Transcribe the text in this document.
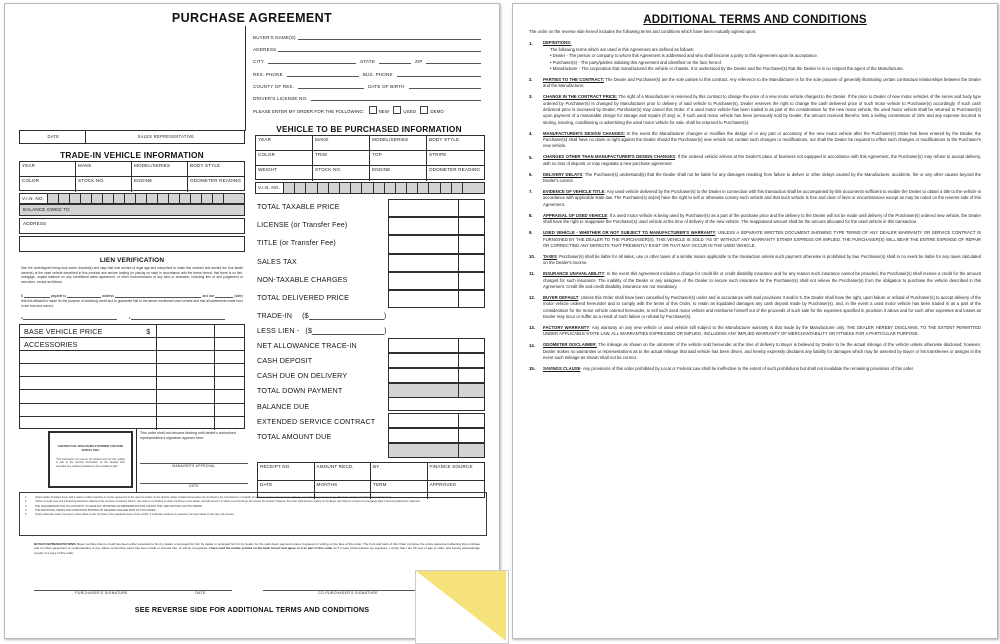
PURCHASE AGREEMENT
BUYER'S NAME(S)
ADDRESS
CITY	STATE	ZIP
RES. PHONE	BUS. PHONE
COUNTY OF RES.	DATE OF BIRTH
DRIVER'S LICENSE NO.
PLEASE ENTER MY ORDER FOR THE FOLLOWING:	NEW	USED	DEMO
VEHICLE TO BE PURCHASED INFORMATION
YEAR	MAKE	MODEL/SERIES	BODY STYLE
COLOR	TRIM	TOP	STRIPE
WEIGHT	STOCK NO.	ENGINE	ODOMETER READING
V.I.N. NO.
TOTAL TAXABLE PRICE
LICENSE (or Transfer Fee)
TITLE (or Transfer Fee)
SALES TAX
NON-TAXABLE CHARGES
TOTAL DELIVERED PRICE
TRADE-IN ($	)
LESS LIEN - ($	)
NET ALLOWANCE TRACE-IN
CASH DEPOSIT
CASH DUE ON DELIVERY
TOTAL DOWN PAYMENT
BALANCE DUE
EXTENDED SERVICE CONTRACT
TOTAL AMOUNT DUE
RECEIPT NO.	AMOUNT RECD.	BY	FINANCE SOURCE
DATE	MONTHS	TERM	APPROVED
DATE	SALES REPRESENTATIVE
TRADE-IN VEHICLE INFORMATION
YEAR	MAKE	MODEL/SERIES	BODY STYLE
COLOR	STOCK NO.	ENGINE	ODOMETER READING
V.I.N. NO.
BALANCE OWED TO
ADDRESS
LIEN VERIFICATION
I/we the undersigned being duly sworn deposit(s) and says that I/we am/are of legal age and competent to make this contract and am/are the true lawful owner(s) of the used vehicle described in this contract and am/are trading (or placing on sale) in accordance with the terms hereof; that there is no lien, mortgage, unpaid balance on any conditional sales agreement, or other encumbrances of any kind or character, including lien of and judgement or execution, except as follows:
$	payable to	address	and due	(date)
that this affidavit is made for the purpose of obtaining credit and to guarantee title to the above mentioned used vehicle and that all statements made here in are true and correct.
x	x
BASE VEHICLE PRICE	$
ACCESSORIES
CONTRACTUAL DISCLOSURE STATEMENT FOR USED VEHICLE ONLY
"The information you see on the window form for this vehicle is part of the contract information on the window form overrides any contrary provisions in the contract of sale."
This order shall not become binding until dealer's authorized representative's signature appears here.
MANAGER'S APPROVAL
DATE
1.	Unless dealer furnishes buyer with a dealer's written warranty or service agreement or the used car sticker on the window, dealer-installed accessories are provided by the manufacturer or supplier of such accessories and not dealer. Only the manufacturer's warranty, if any, affects the vehicle manufacturer's warranty, if any.
2.	If this is a credit case and a financing disclosure statement has not been completely filled in, this order is not binding on either the Buyer or the Dealer, and will cancel it, in which event the Buyer will recover the deposit. However, this order shall become binding on the Buyer upon Buyer's receipt of a completely filled in financing disclosure statement.
3.	THE SALESPERSON HAS NO AUTHORITY TO MAKE ANY PROMISES OR REPRESENTATIONS UNLESS THEY ARE WRITTEN ON THIS ORDER.
4.	THE ADDITIONAL TERMS AND CONDITIONS PRINTED ON REVERSE SIDE ARE PART OF THIS ORDER.
5.	Unless otherwise noted, the buyer's name listed on line (a) below is the registered owner of the vehicle. If credit life insurance is requested, the buyer listed on line (a) is the insured.
BUYER REPRESENTATIONS: Buyer certifies that no credit has been either extended to him by dealer or arranged for him by dealer or arranged for him by dealer for the cash down payment unless it appears in writing on the face of this order. The front and back of this Order comprise the entire agreement affecting this purchase and no other agreement or understanding of any nature concerning same has been made or entered into, or will be recognized. I have read the matter printed on the back hereof and agree to it as part of this order as if it were printed above my signature. I certify that I am 18 year of age or older, and hereby acknowledge receipt of a copy of this order.
PURCHASER'S SIGNATURE	DATE	CO-PURCHASER'S SIGNATURE
SEE REVERSE SIDE FOR ADDITIONAL TERMS AND CONDITIONS
ADDITIONAL TERMS AND CONDITIONS
The order on the reverse side hereof includes the following terms and conditions which have been mutually agreed upon:
1.	DEFINITIONS:
The following terms which are used in this Agreement are defined as follows:
• Dealer - The person or company to whom this Agreement is addressed and who shall become a party to this Agreement upon its acceptance.
• Purchaser(s) - The party/parties initiating this Agreement and identified on the face hereof.
• Manufacturer - The corporation that manufactured the vehicle or chassis. It is understood by the Dealer and the Purchaser(s) that the Dealer is in no respect the agent of the Manufacturer.
2.	PARTIES TO THE CONTRACT: The Dealer and Purchaser(s) are the sole parties to this contract. Any reference to the Manufacturer is for the sole purpose of generally illustrating certain contractual relationships between the Dealer and the Manufacturer.
3.	CHANGE IN THE CONTRACT PRICE: The right of a Manufacturer is reserved by this contract to change the price of a new motor vehicle charged to the Dealer. If the price to Dealer of new motor vehicles of the series and body type ordered by Purchaser(s) is changed by Manufacturer prior to delivery of said vehicle to Purchaser(s), Dealer reserves the right to change the cash delivered price of such motor vehicle to Purchaser(s) accordingly. If such cash delivered price is increased by Dealer, Purchaser(s) may cancel this Order. If a used motor vehicle has been traded in as part of the consideration for the new motor vehicle, the used motor vehicle shall be returned to Purchaser(s) upon payment of a reasonable charge for storage and repairs (if any) or, if such used motor vehicle has been previously sold by Dealer, the amount received therefor, less a selling commission of 15% and any expense incurred in storing, insuring, conditioning or advertising the used motor vehicle for sale, shall be returned to Purchaser(s).
4.	MANUFACTURER'S DESIGN CHANGES: In the event the Manufacturer changes or modifies the design of or any part or accessory of the new motor vehicle after the Purchaser(s) Order has been entered by the Dealer, the Purchaser(s) shall have no claim or right against the Dealer should the Purchaser(s) new vehicle not contain such changes or modifications, nor shall the Dealer be required to effect such changes or modifications to the Purchaser's new vehicle.
5.	CHANGES OTHER THAN MANUFACTURER'S DESIGN CHANGES: If the ordered vehicle arrives at the Dealer's place of business not equipped in accordance with this Agreement, the Purchaser(s) may refuse to accept delivery, with no loss of deposit, or may negotiate a new purchase agreement.
6.	DELIVERY DELAYS: The Purchaser(s) understand(s) that the Dealer shall not be liable for any damages resulting from failure to deliver or other delays caused by the Manufacturer, accidents, fire or any other causes beyond the Dealer's control.
7.	EVIDENCE OF VEHICLE TITLE: Any used vehicle delivered by the Purchaser(s) to the Dealer in connection with this transaction shall be accompanied by title documents sufficient to enable the Dealer to obtain a title to the vehicle in accordance with applicable state law. The Purchaser(s) do(es) have the right to sell or otherwise convey such vehicle and that such vehicle is free and clear of liens or encumbrances except as may be noted on the reverse side of this Agreement.
8.	APPRAISAL OF USED VEHICLE: If a used motor vehicle is being used by Purchaser(s) as a part of the purchase price and the delivery to the Dealer will not be made until delivery of the Purchaser(s) ordered new vehicle, the Dealer shall have the right to reappraise the Purchaser(s) used vehicle at the time of delivery of the new vehicle. The reappraised amount shall be the amount allocated for the used vehicle in this transaction.
9.	USED VEHICLE - WHETHER OR NOT SUBJECT TO MANUFACTURER'S WARRANTY: UNLESS A SEPARATE WRITTEN DOCUMENT SHOWING TYPE TERMS OF ANY DEALER WARRANTY OR SERVICE CONTRACT IS FURNISHED BY THE DEALER TO THE PURCHASER(S), THIS VEHICLE IS SOLD "AS IS" WITHOUT ANY WARRANTY EITHER EXPRESS OR IMPLIED. THE PURCHASER(S) WILL BEAR THE ENTIRE EXPENSE OF REPAIR OR CORRECTING ANY DEFECTS THAT PRESENTLY EXIST OR THAT MAY OCCUR IN THE USED VEHICLE.
10.	TAXES: Purchaser(s) shall be liable for all sales, use or other taxes of a similar nature applicable to the transaction unless such payment otherwise is prohibited by law. Purchaser(s) shall in no event be liable for any taxes calculated on the Dealer's income.
11.	INSURANCE UNAVAILABILITY: In the event this Agreement includes a charge for credit life or credit disability insurance and for any reason such insurance cannot be provided, the Purchaser(s) shall receive a credit for the amount charged for such insurance. The inability of the Dealer or any assignee of the Dealer to secure such insurance for the Purchaser(s) shall not relieve the Purchaser(s) from the obligation to purchase the vehicle described in this Agreement. Credit life and credit disability insurance are not mandatory.
12.	BUYER DEFAULT: Unless this Order shall have been cancelled by Purchaser(s) under and in accordance with said provisions 3 and/or 5, the Dealer shall have the right, upon failure or refusal of Purchaser(s) to accept delivery of the motor vehicle ordered hereunder and to comply with the terms of this Order, to retain as liquidated damages any cash deposit made by Purchaser(s), and, in the event a used motor vehicle has been traded in as a part of the consideration for the motor vehicle ordered hereunder, to sell such used motor vehicle and reimburse himself out of the proceeds of such sale for the expenses specified in provision 3 above and for such other expenses and losses as Dealer may incur or suffer as a result of such failure or refusal by Purchaser(s).
13.	FACTORY WARRANTY: Any warranty on any new vehicle or used vehicle still subject to the Manufacturer warranty is that made by the Manufacturer only. THE DEALER HEREBY DISCLAIMS, TO THE EXTENT PERMITTED UNDER APPLICABLE STATE LAW, ALL WARRANTIES EXPRESSED OR IMPLIED, INCLUDING ANY IMPLIED WARRANTY OF MERCHANTABILITY OR FITNESS FOR A PARTICULAR PURPOSE.
14.	ODOMETER DISCLAIMER: The mileage as shown on the odometer of the vehicle sold hereunder at the time of delivery to Buyer is believed by Dealer to be the actual mileage of the vehicle unless otherwise disclosed; however, Dealer makes no warranties or representations as to the actual mileage that said vehicle has been driven, and hereby expressly disclaims any liability for damages which may be asserted by Buyer or his transferees or assigns in the event such mileage as shown shall not be correct.
15.	SAVINGS CLAUSE- Any provisions of this order prohibited by Local or Federal Law shall be ineffective to the extent of such prohibitions but shall not invalidate the remaining provisions of this order.
